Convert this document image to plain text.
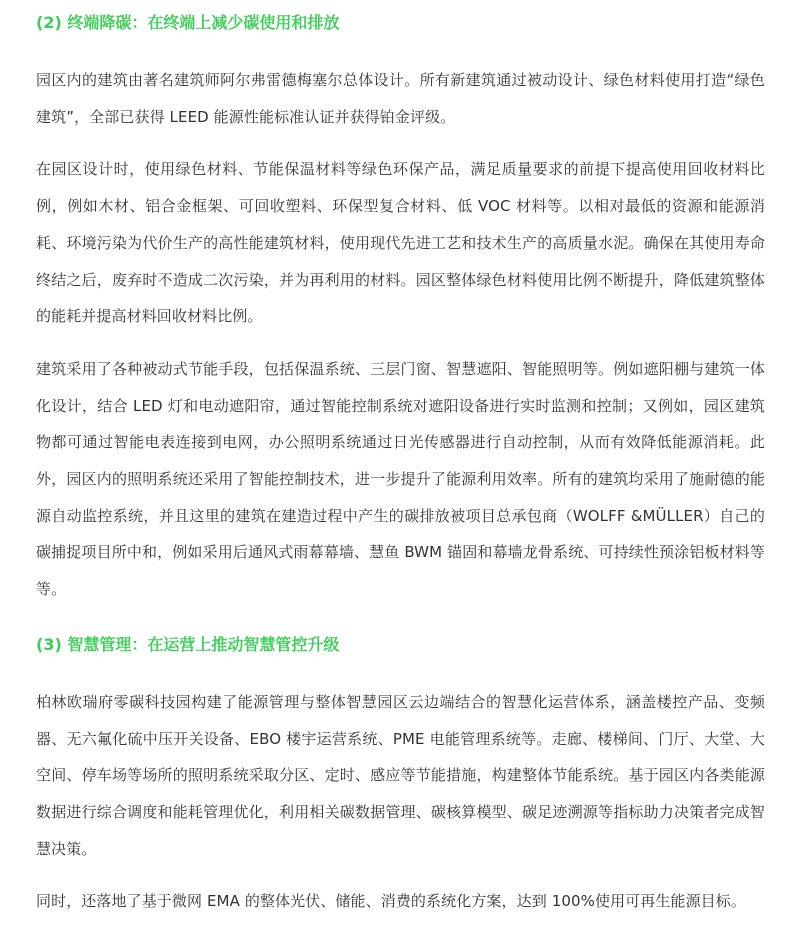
(2) 终端降碳：在终端上减少碳使用和排放

园区内的建筑由著名建筑师阿尔弗雷德梅塞尔总体设计。所有新建筑通过被动设计、绿色材料使用打造“绿色建筑”，全部已获得 LEED 能源性能标准认证并获得铂金评级。

在园区设计时，使用绿色材料、节能保温材料等绿色环保产品，满足质量要求的前提下提高使用回收材料比例，例如木材、铝合金框架、可回收塑料、环保型复合材料、低 VOC 材料等。以相对最低的资源和能源消耗、环境污染为代价生产的高性能建筑材料，使用现代先进工艺和技术生产的高质量水泥。确保在其使用寿命终结之后，废弃时不造成二次污染，并为再利用的材料。园区整体绿色材料使用比例不断提升，降低建筑整体的能耗并提高材料回收材料比例。

建筑采用了各种被动式节能手段，包括保温系统、三层门窗、智慧遮阳、智能照明等。例如遮阳棚与建筑一体化设计，结合 LED 灯和电动遮阳帘，通过智能控制系统对遮阳设备进行实时监测和控制；又例如，园区建筑物都可通过智能电表连接到电网，办公照明系统通过日光传感器进行自动控制，从而有效降低能源消耗。此外，园区内的照明系统还采用了智能控制技术，进一步提升了能源利用效率。所有的建筑均采用了施耐德的能源自动监控系统，并且这里的建筑在建造过程中产生的碳排放被项目总承包商（WOLFF &MÜLLER）自己的碳捕捉项目所中和，例如采用后通风式雨幕幕墙、慧鱼 BWM 锚固和幕墙龙骨系统、可持续性预涂铝板材料等等。

(3) 智慧管理：在运营上推动智慧管控升级

柏林欧瑞府零碳科技园构建了能源管理与整体智慧园区云边端结合的智慧化运营体系，涵盖楼控产品、变频器、无六氟化硫中压开关设备、EBO 楼宇运营系统、PME 电能管理系统等。走廊、楼梯间、门厅、大堂、大空间、停车场等场所的照明系统采取分区、定时、感应等节能措施，构建整体节能系统。基于园区内各类能源数据进行综合调度和能耗管理优化，利用相关碳数据管理、碳核算模型、碳足迹溯源等指标助力决策者完成智慧决策。

同时，还落地了基于微网 EMA 的整体光伏、储能、消费的系统化方案，达到 100%使用可再生能源目标。
